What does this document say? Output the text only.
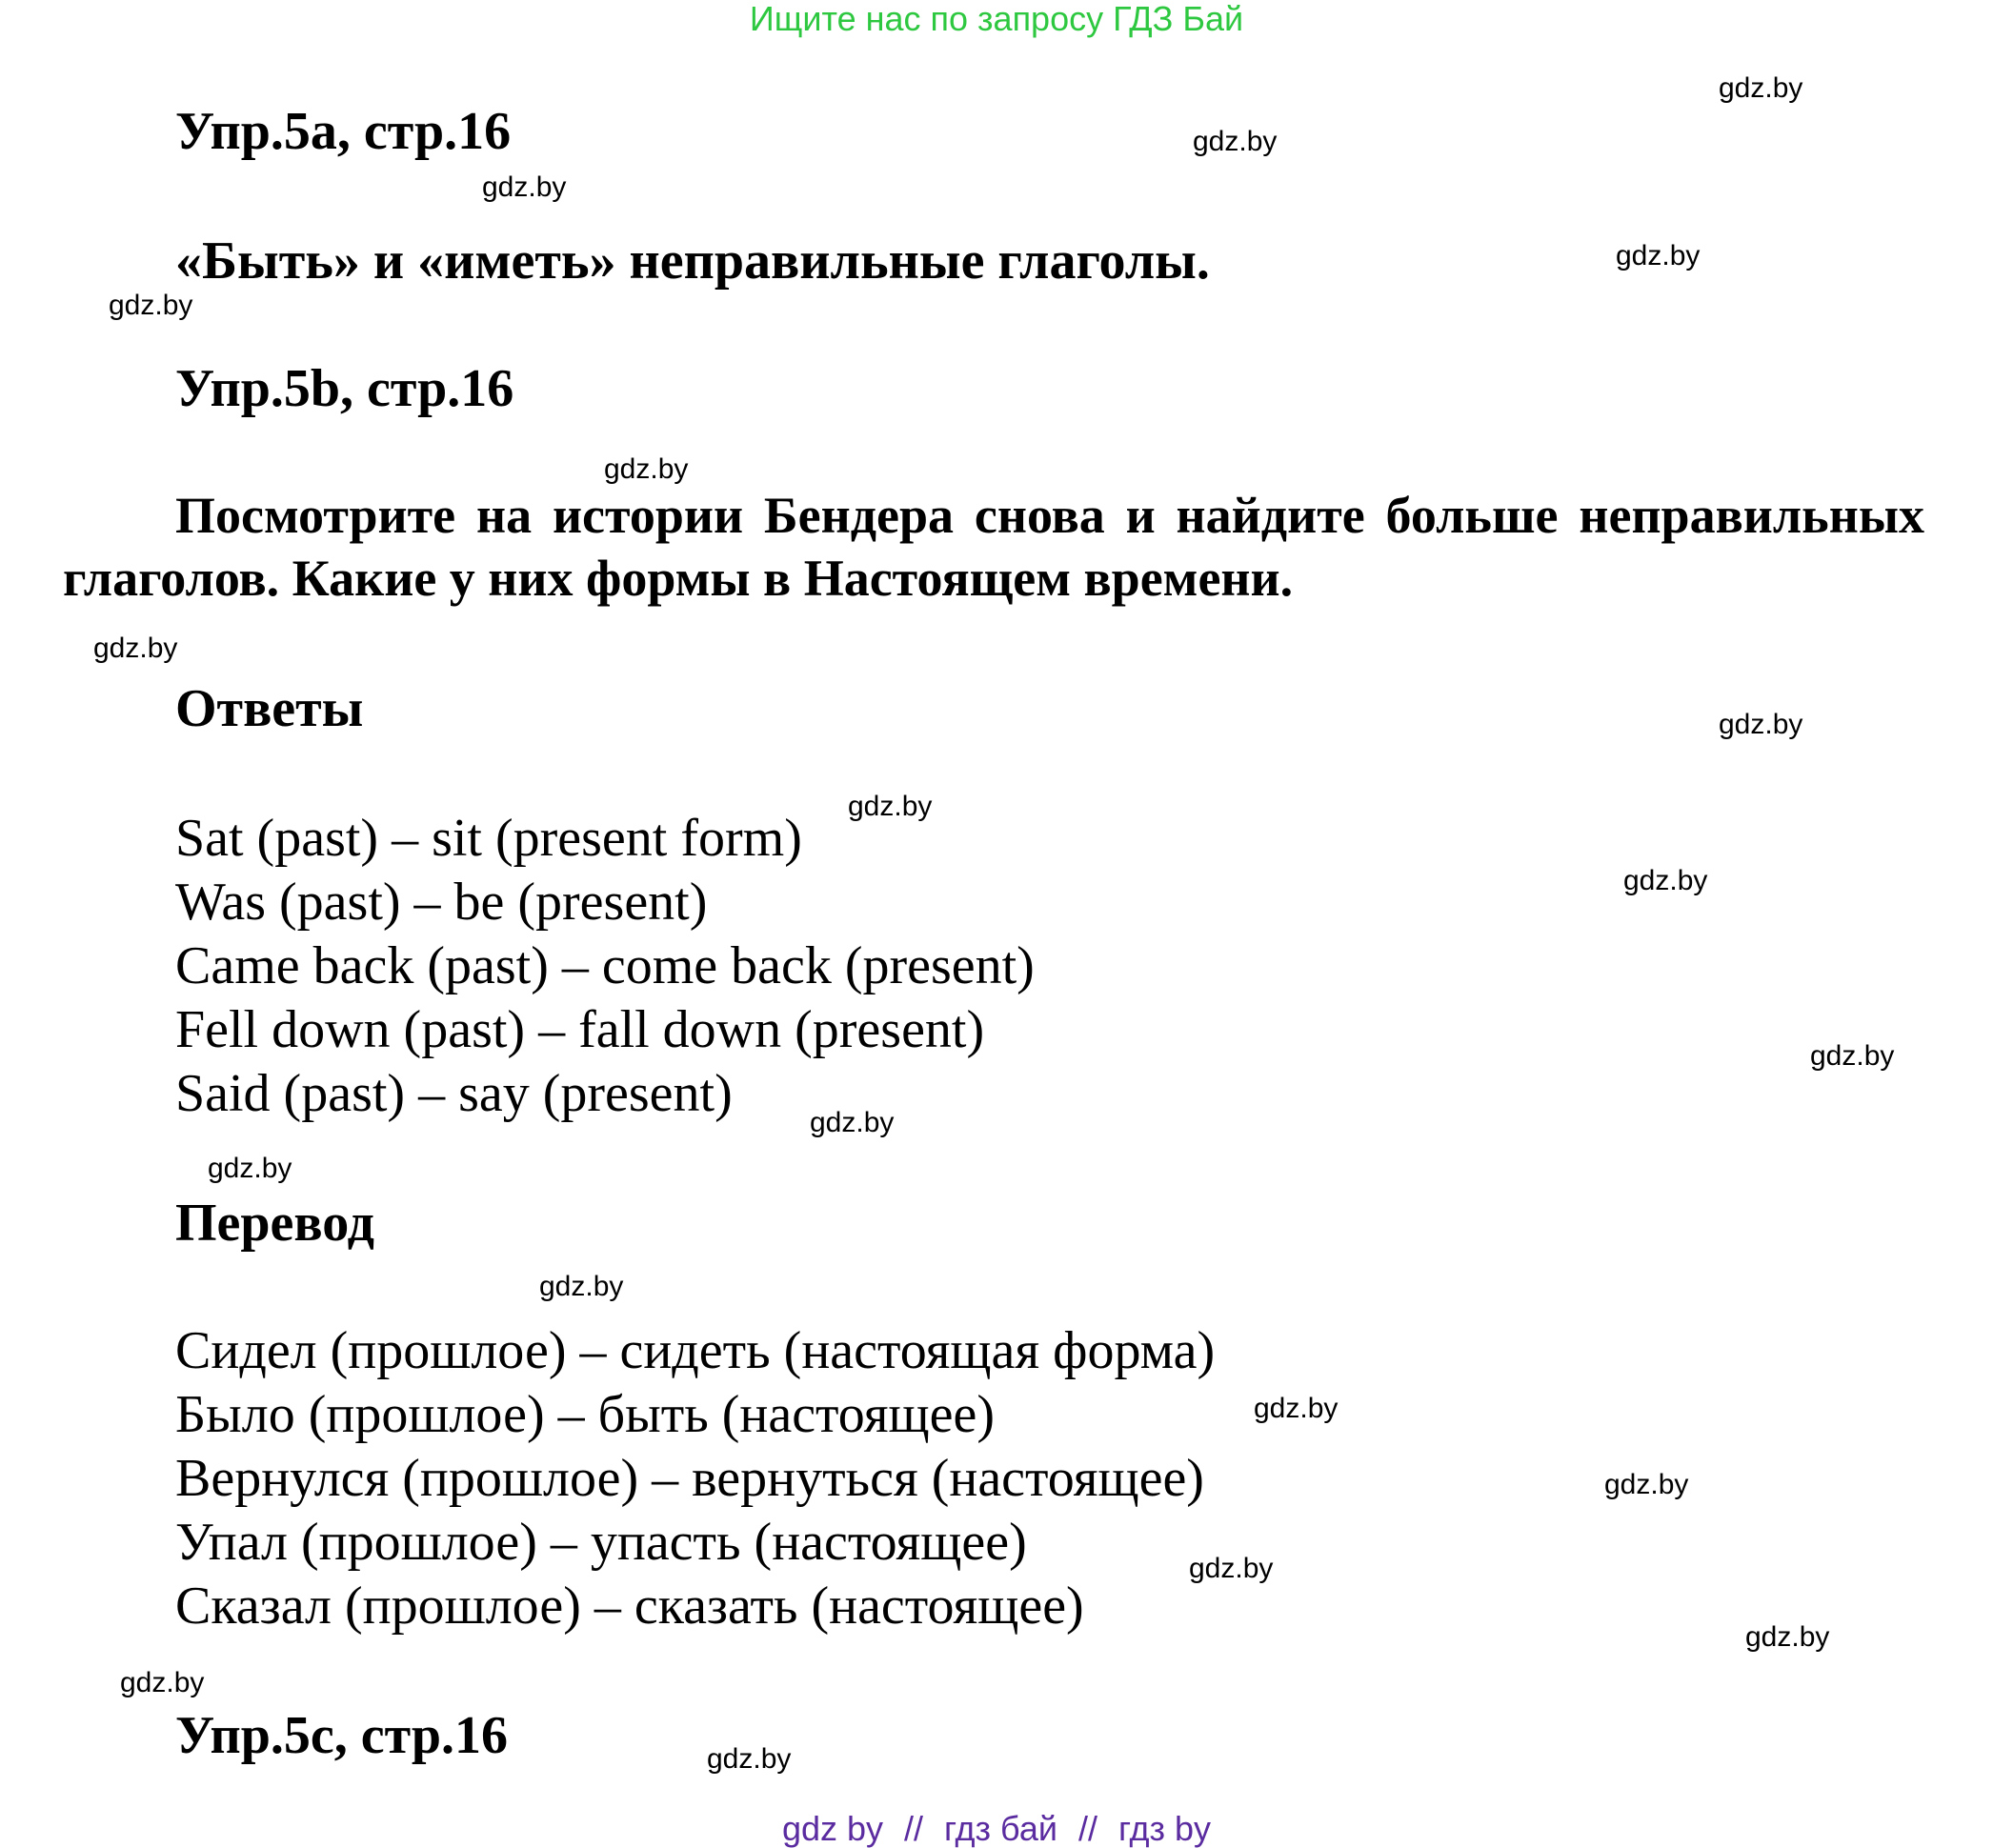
Ищите нас по запросу ГДЗ Бай
Упр.5a, стр.16
«Быть» и «иметь» неправильные глаголы.
Упр.5b, стр.16
Посмотрите на истории Бендера снова и найдите больше неправильных глаголов. Какие у них формы в Настоящем времени.
Ответы
Sat (past) – sit (present form)
Was (past) – be (present)
Came back (past) – come back (present)
Fell down (past) – fall down (present)
Said (past) – say (present)
Перевод
Сидел (прошлое) – сидеть (настоящая форма)
Было (прошлое) – быть (настоящее)
Вернулся (прошлое) – вернуться (настоящее)
Упал (прошлое) – упасть (настоящее)
Сказал (прошлое) – сказать (настоящее)
Упр.5c, стр.16
gdz.by
gdz.by
gdz.by
gdz.by
gdz.by
gdz.by
gdz.by
gdz.by
gdz.by
gdz.by
gdz.by
gdz.by
gdz.by
gdz.by
gdz.by
gdz.by
gdz.by
gdz.by
gdz.by
gdz.by
gdz by // гдз бай // гдз by
